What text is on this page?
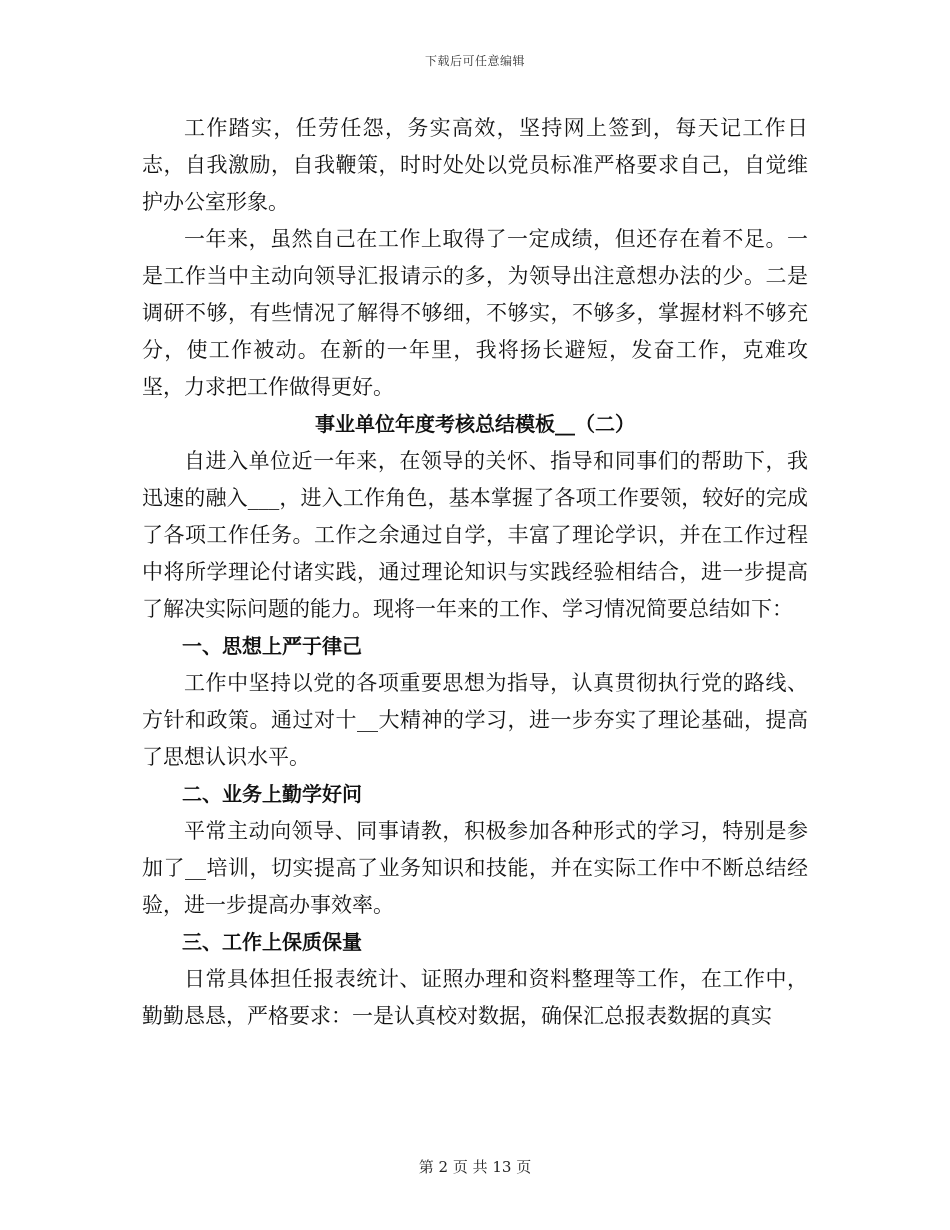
下载后可任意编辑

工作踏实，任劳任怨，务实高效，坚持网上签到，每天记工作日志，自我激励，自我鞭策，时时处处以党员标准严格要求自己，自觉维护办公室形象。

一年来，虽然自己在工作上取得了一定成绩，但还存在着不足。一是工作当中主动向领导汇报请示的多，为领导出注意想办法的少。二是调研不够，有些情况了解得不够细，不够实，不够多，掌握材料不够充分，使工作被动。在新的一年里，我将扬长避短，发奋工作，克难攻坚，力求把工作做得更好。

事业单位年度考核总结模板__（二）

自进入单位近一年来，在领导的关怀、指导和同事们的帮助下，我迅速的融入___，进入工作角色，基本掌握了各项工作要领，较好的完成了各项工作任务。工作之余通过自学，丰富了理论学识，并在工作过程中将所学理论付诸实践，通过理论知识与实践经验相结合，进一步提高了解决实际问题的能力。现将一年来的工作、学习情况简要总结如下：

一、思想上严于律己

工作中坚持以党的各项重要思想为指导，认真贯彻执行党的路线、方针和政策。通过对十__大精神的学习，进一步夯实了理论基础，提高了思想认识水平。

二、业务上勤学好问

平常主动向领导、同事请教，积极参加各种形式的学习，特别是参加了__培训，切实提高了业务知识和技能，并在实际工作中不断总结经验，进一步提高办事效率。

三、工作上保质保量

日常具体担任报表统计、证照办理和资料整理等工作，在工作中，勤勤恳恳，严格要求：一是认真校对数据，确保汇总报表数据的真实

第 2 页 共 13 页
